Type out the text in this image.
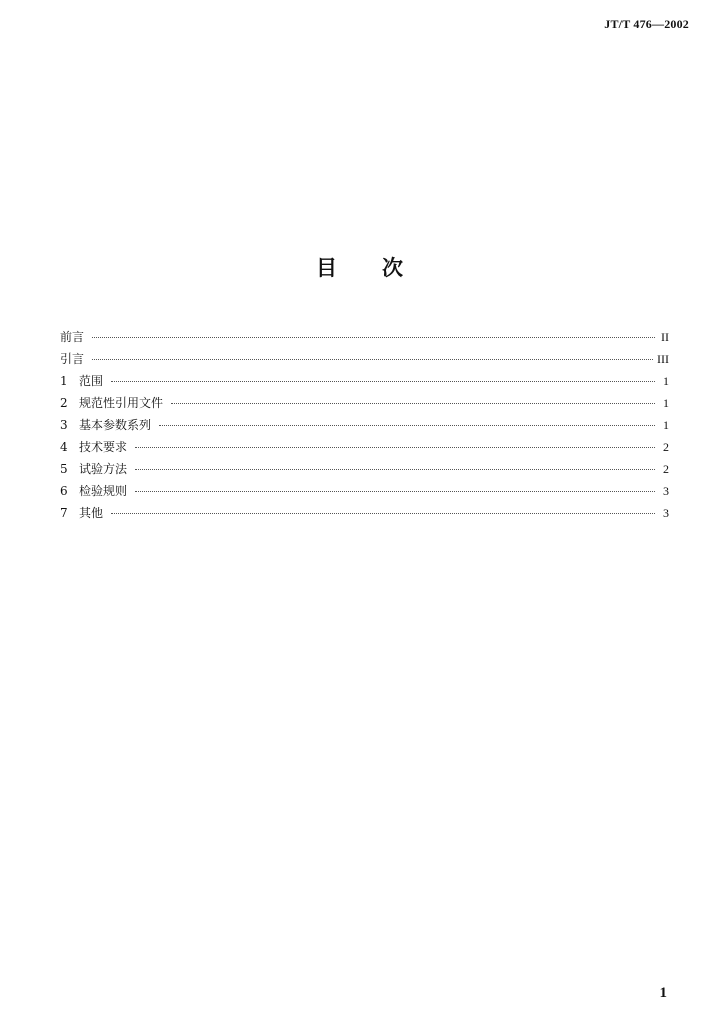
JT/T 476—2002
目次
前言	II
引言	III
1 范围	1
2 规范性引用文件	1
3 基本参数系列	1
4 技术要求	2
5 试验方法	2
6 检验规则	3
7 其他	3
1
